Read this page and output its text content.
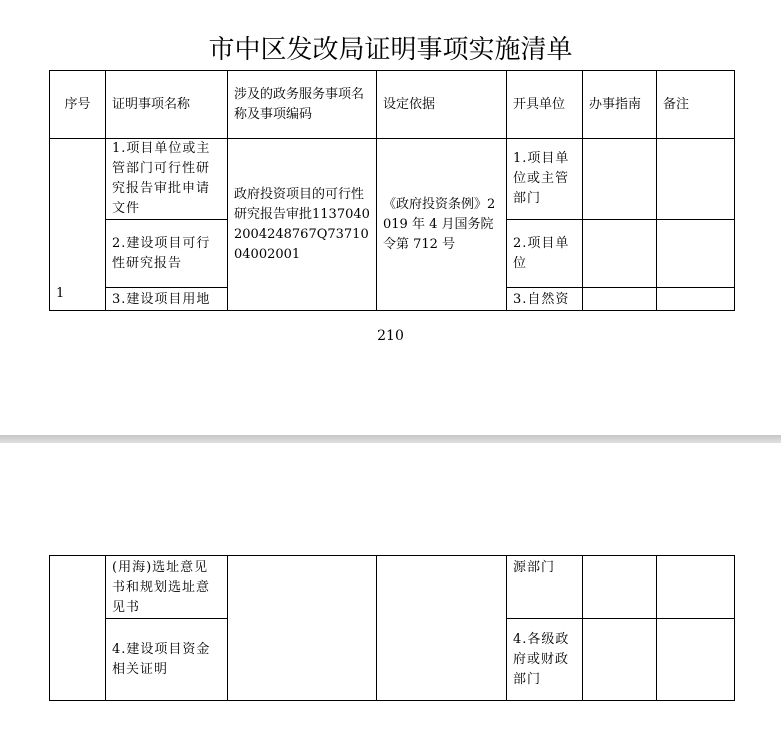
市中区发改局证明事项实施清单
序号	证明事项名称	涉及的政务服务事项名称及事项编码	设定依据	开具单位	办事指南	备注
1	1.项目单位或主管部门可行性研究报告审批申请文件	政府投资项目的可行性研究报告审批11370402004248767Q7371004002001	《政府投资条例》2019 年 4 月国务院令第 712 号	1.项目单位或主管部门		
	2.建设项目可行性研究报告			2.项目单位		
	3.建设项目用地			3.自然资		
210
	(用海)选址意见书和规划选址意见书			源部门		
	4.建设项目资金相关证明			4.各级政府或财政部门		
